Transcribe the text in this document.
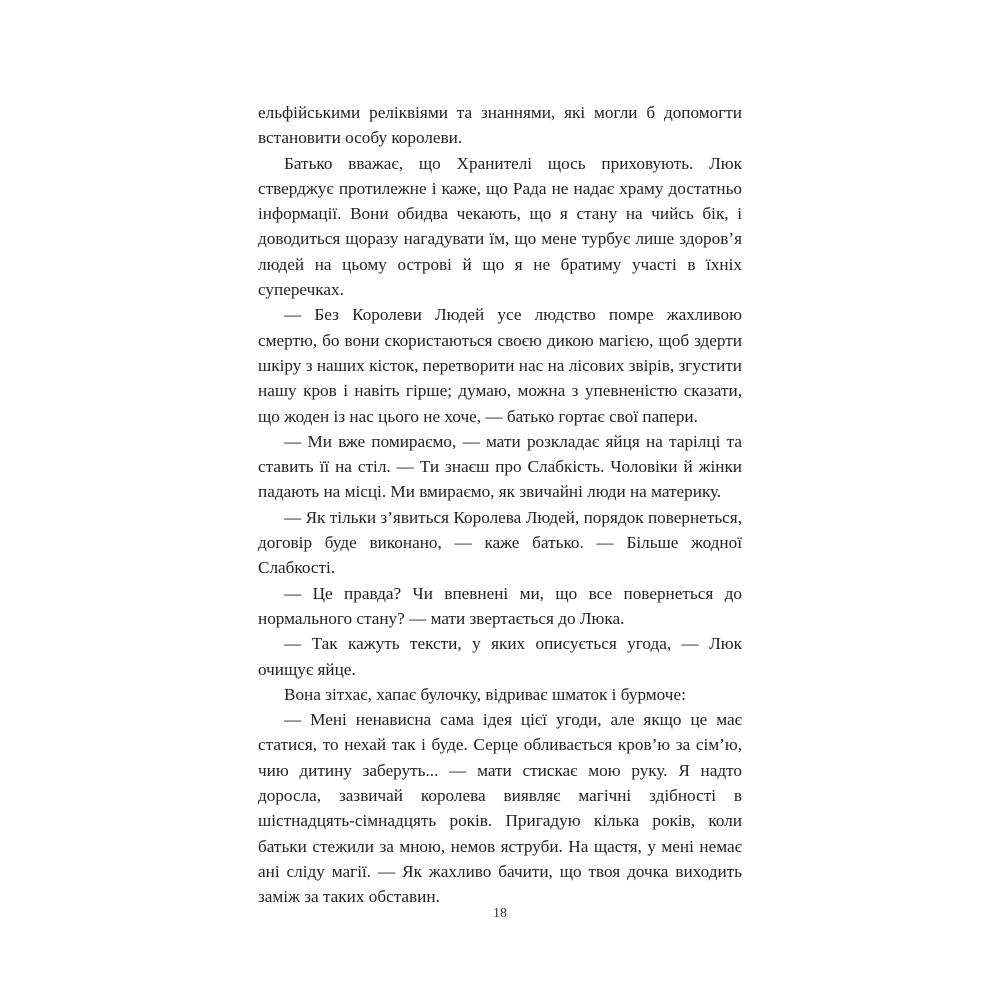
ельфійськими реліквіями та знаннями, які могли б допомогти встановити особу королеви.

Батько вважає, що Хранителі щось приховують. Люк стверджує протилежне і каже, що Рада не надає храму достатньо інформації. Вони обидва чекають, що я стану на чийсь бік, і доводиться щоразу нагадувати їм, що мене турбує лише здоров’я людей на цьому острові й що я не братиму участі в їхніх суперечках.

— Без Королеви Людей усе людство помре жахливою смертю, бо вони скористаються своєю дикою магією, щоб здерти шкіру з наших кісток, перетворити нас на лісових звірів, згустити нашу кров і навіть гірше; думаю, можна з упевненістю сказати, що жоден із нас цього не хоче, — батько гортає свої папери.

— Ми вже помираємо, — мати розкладає яйця на тарілці та ставить її на стіл. — Ти знаєш про Слабкість. Чоловіки й жінки падають на місці. Ми вмираємо, як звичайні люди на материку.

— Як тільки з’явиться Королева Людей, порядок повернеться, договір буде виконано, — каже батько. — Більше жодної Слабкості.

— Це правда? Чи впевнені ми, що все повернеться до нормального стану? — мати звертається до Люка.

— Так кажуть тексти, у яких описується угода, — Люк очищує яйце.

Вона зітхає, хапає булочку, відриває шматок і бурмоче:

— Мені ненависна сама ідея цієї угоди, але якщо це має статися, то нехай так і буде. Серце обливається кров’ю за сім’ю, чию дитину заберуть... — мати стискає мою руку. Я надто доросла, зазвичай королева виявляє магічні здібності в шістнадцять-сімнадцять років. Пригадую кілька років, коли батьки стежили за мною, немов яструби. На щастя, у мені немає ані сліду магії. — Як жахливо бачити, що твоя дочка виходить заміж за таких обставин.

18
